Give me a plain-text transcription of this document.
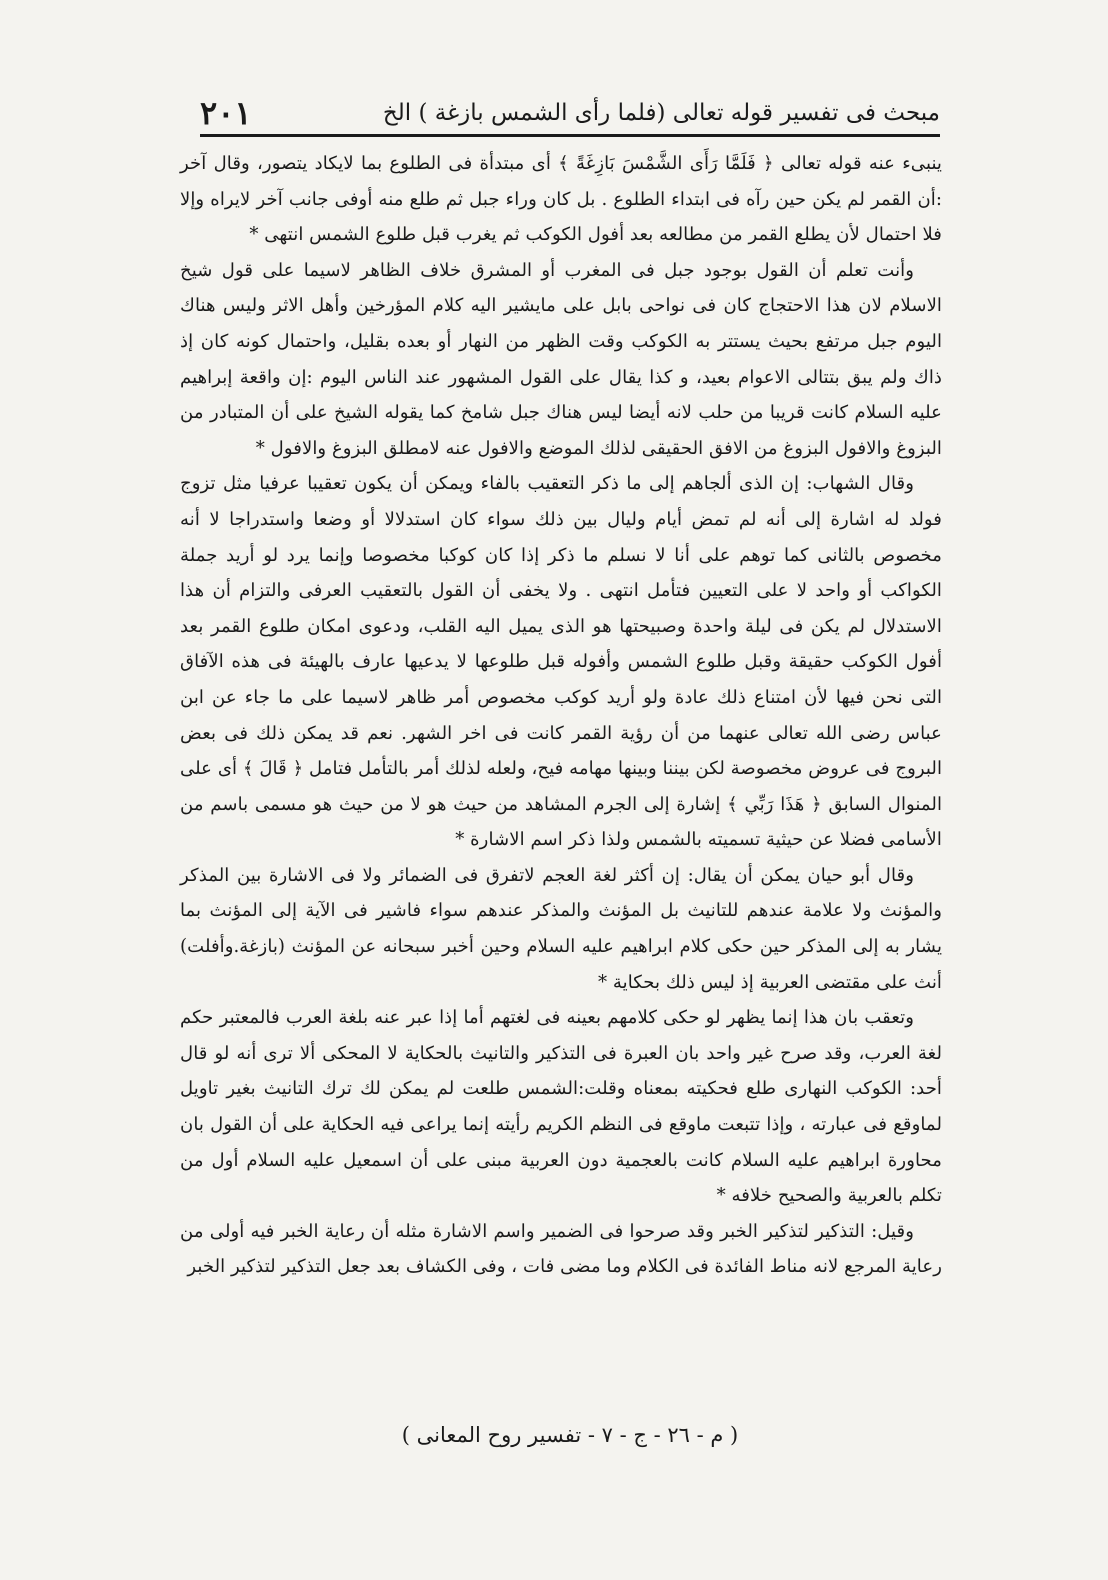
مبحث فى تفسير قوله تعالى (فلما رأى الشمس بازغة ) الخ
٢٠١

ينبىء عنه قوله تعالى ﴿ فَلَمَّا رَأَى الشَّمْسَ بَازِغَةً ﴾ أى مبتدأة فى الطلوع بما لايكاد يتصور، وقال آخر :أن القمر لم يكن حين رآه فى ابتداء الطلوع . بل كان وراء جبل ثم طلع منه أوفى جانب آخر لايراه وإلا فلا احتمال لأن يطلع القمر من مطالعه بعد أفول الكوكب ثم يغرب قبل طلوع الشمس انتهى *

وأنت تعلم أن القول بوجود جبل فى المغرب أو المشرق خلاف الظاهر لاسيما على قول شيخ الاسلام لان هذا الاحتجاج كان فى نواحى بابل على مايشير اليه كلام المؤرخين وأهل الاثر وليس هناك اليوم جبل مرتفع بحيث يستتر به الكوكب وقت الظهر من النهار أو بعده بقليل، واحتمال كونه كان إذ ذاك ولم يبق بتتالى الاعوام بعيد، و كذا يقال على القول المشهور عند الناس اليوم :إن واقعة إبراهيم عليه السلام كانت قريبا من حلب لانه أيضا ليس هناك جبل شامخ كما يقوله الشيخ على أن المتبادر من البزوغ والافول البزوغ من الافق الحقيقى لذلك الموضع والافول عنه لامطلق البزوغ والافول *

وقال الشهاب: إن الذى ألجاهم إلى ما ذكر التعقيب بالفاء ويمكن أن يكون تعقيبا عرفيا مثل تزوج فولد له اشارة إلى أنه لم تمض أيام وليال بين ذلك سواء كان استدلالا أو وضعا واستدراجا لا أنه مخصوص بالثانى كما توهم على أنا لا نسلم ما ذكر إذا كان كوكبا مخصوصا وإنما يرد لو أريد جملة الكواكب أو واحد لا على التعيين فتأمل انتهى . ولا يخفى أن القول بالتعقيب العرفى والتزام أن هذا الاستدلال لم يكن فى ليلة واحدة وصبيحتها هو الذى يميل اليه القلب، ودعوى امكان طلوع القمر بعد أفول الكوكب حقيقة وقبل طلوع الشمس وأفوله قبل طلوعها لا يدعيها عارف بالهيئة فى هذه الآفاق التى نحن فيها لأن امتناع ذلك عادة ولو أريد كوكب مخصوص أمر ظاهر لاسيما على ما جاء عن ابن عباس رضى الله تعالى عنهما من أن رؤية القمر كانت فى اخر الشهر. نعم قد يمكن ذلك فى بعض البروج فى عروض مخصوصة لكن بيننا وبينها مهامه فيح، ولعله لذلك أمر بالتأمل فتامل ﴿ قَالَ ﴾ أى على المنوال السابق ﴿ هَذَا رَبِّي ﴾ إشارة إلى الجرم المشاهد من حيث هو لا من حيث هو مسمى باسم من الأسامى فضلا عن حيثية تسميته بالشمس ولذا ذكر اسم الاشارة *

وقال أبو حيان يمكن أن يقال: إن أكثر لغة العجم لاتفرق فى الضمائر ولا فى الاشارة بين المذكر والمؤنث ولا علامة عندهم للتانيث بل المؤنث والمذكر عندهم سواء فاشير فى الآية إلى المؤنث بما يشار به إلى المذكر حين حكى كلام ابراهيم عليه السلام وحين أخبر سبحانه عن المؤنث (بازغة.وأفلت) أنث على مقتضى العربية إذ ليس ذلك بحكاية *

وتعقب بان هذا إنما يظهر لو حكى كلامهم بعينه فى لغتهم أما إذا عبر عنه بلغة العرب فالمعتبر حكم لغة العرب، وقد صرح غير واحد بان العبرة فى التذكير والتانيث بالحكاية لا المحكى ألا ترى أنه لو قال أحد: الكوكب النهارى طلع فحكيته بمعناه وقلت:الشمس طلعت لم يمكن لك ترك التانيث بغير تاويل لماوقع فى عبارته ، وإذا تتبعت ماوقع فى النظم الكريم رأيته إنما يراعى فيه الحكاية على أن القول بان محاورة ابراهيم عليه السلام كانت بالعجمية دون العربية مبنى على أن اسمعيل عليه السلام أول من تكلم بالعربية والصحيح خلافه *

وقيل: التذكير لتذكير الخبر وقد صرحوا فى الضمير واسم الاشارة مثله أن رعاية الخبر فيه أولى من رعاية المرجع لانه مناط الفائدة فى الكلام وما مضى فات ، وفى الكشاف بعد جعل التذكير لتذكير الخبر

( م - ٢٦ - ج - ٧ - تفسير روح المعانى )
